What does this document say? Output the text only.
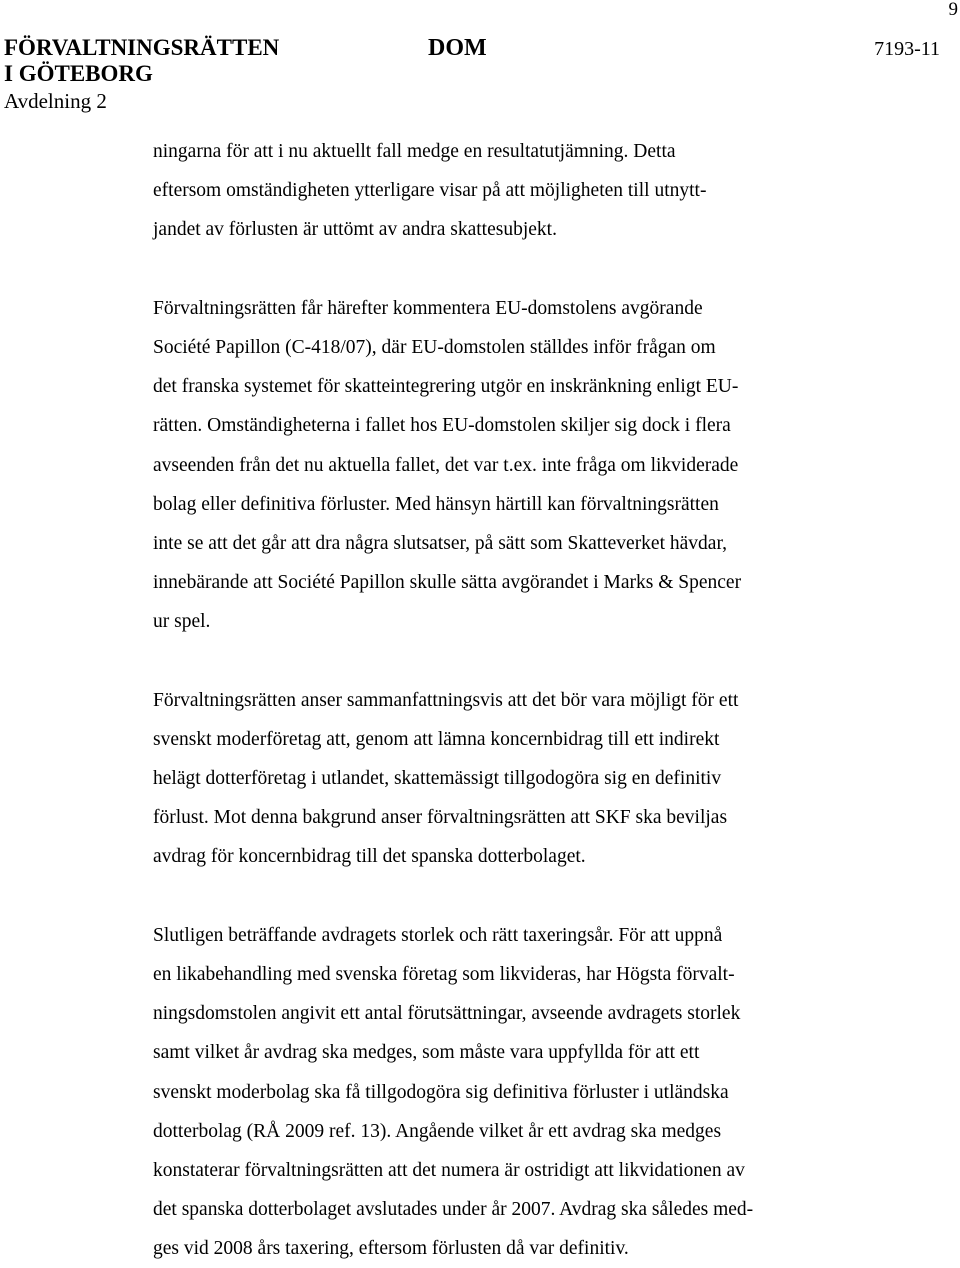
9
FÖRVALTNINGSRÄTTEN
I GÖTEBORG
Avdelning 2
DOM	7193-11
ningarna för att i nu aktuellt fall medge en resultatutjämning. Detta
eftersom omständigheten ytterligare visar på att möjligheten till utnytt-
jandet av förlusten är uttömt av andra skattesubjekt.
Förvaltningsrätten får härefter kommentera EU-domstolens avgörande
Société Papillon (C-418/07), där EU-domstolen ställdes inför frågan om
det franska systemet för skatteintegrering utgör en inskränkning enligt EU-
rätten. Omständigheterna i fallet hos EU-domstolen skiljer sig dock i flera
avseenden från det nu aktuella fallet, det var t.ex. inte fråga om likviderade
bolag eller definitiva förluster. Med hänsyn härtill kan förvaltningsrätten
inte se att det går att dra några slutsatser, på sätt som Skatteverket hävdar,
innebärande att Société Papillon skulle sätta avgörandet i Marks & Spencer
ur spel.
Förvaltningsrätten anser sammanfattningsvis att det bör vara möjligt för ett
svenskt moderföretag att, genom att lämna koncernbidrag till ett indirekt
helägt dotterföretag i utlandet, skattemässigt tillgodogöra sig en definitiv
förlust. Mot denna bakgrund anser förvaltningsrätten att SKF ska beviljas
avdrag för koncernbidrag till det spanska dotterbolaget.
Slutligen beträffande avdragets storlek och rätt taxeringsår. För att uppnå
en likabehandling med svenska företag som likvideras, har Högsta förvalt-
ningsdomstolen angivit ett antal förutsättningar, avseende avdragets storlek
samt vilket år avdrag ska medges, som måste vara uppfyllda för att ett
svenskt moderbolag ska få tillgodogöra sig definitiva förluster i utländska
dotterbolag (RÅ 2009 ref. 13). Angående vilket år ett avdrag ska medges
konstaterar förvaltningsrätten att det numera är ostridigt att likvidationen av
det spanska dotterbolaget avslutades under år 2007. Avdrag ska således med-
ges vid 2008 års taxering, eftersom förlusten då var definitiv.
